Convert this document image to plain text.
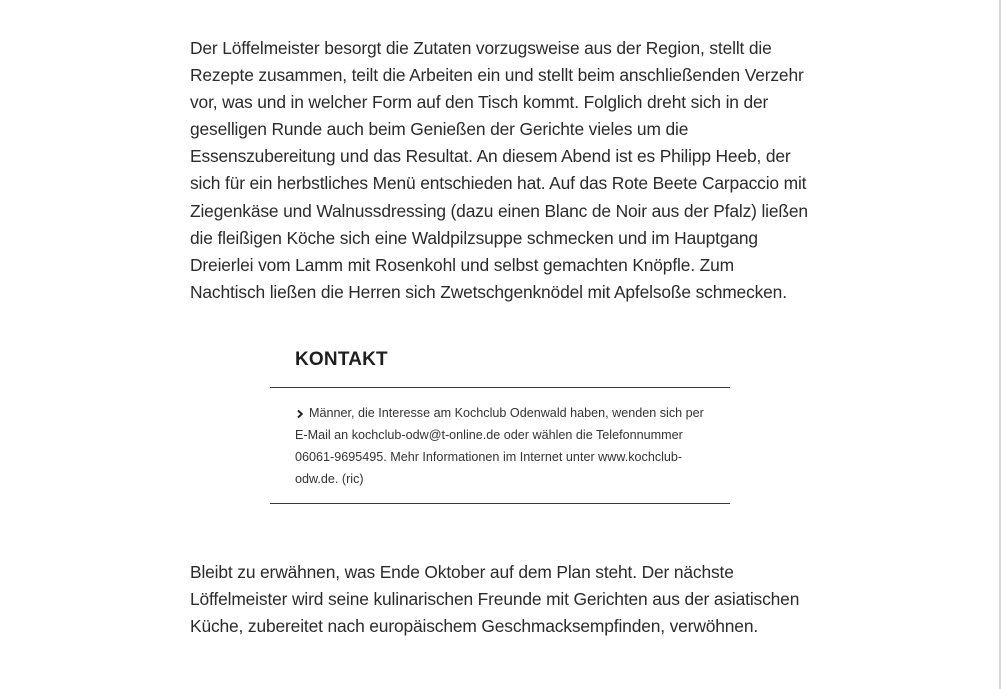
Der Löffelmeister besorgt die Zutaten vorzugsweise aus der Region, stellt die Rezepte zusammen, teilt die Arbeiten ein und stellt beim anschließenden Verzehr vor, was und in welcher Form auf den Tisch kommt. Folglich dreht sich in der geselligen Runde auch beim Genießen der Gerichte vieles um die Essenszubereitung und das Resultat. An diesem Abend ist es Philipp Heeb, der sich für ein herbstliches Menü entschieden hat. Auf das Rote Beete Carpaccio mit Ziegenkäse und Walnussdressing (dazu einen Blanc de Noir aus der Pfalz) ließen die fleißigen Köche sich eine Waldpilzsuppe schmecken und im Hauptgang Dreierlei vom Lamm mit Rosenkohl und selbst gemachten Knöpfle. Zum Nachtisch ließen die Herren sich Zwetschgenknödel mit Apfelsoße schmecken.

KONTAKT
Männer, die Interesse am Kochclub Odenwald haben, wenden sich per E-Mail an kochclub-odw@t-online.de oder wählen die Telefonnummer 06061-9695495. Mehr Informationen im Internet unter www.kochclub-odw.de. (ric)

Bleibt zu erwähnen, was Ende Oktober auf dem Plan steht. Der nächste Löffelmeister wird seine kulinarischen Freunde mit Gerichten aus der asiatischen Küche, zubereitet nach europäischem Geschmacksempfinden, verwöhnen.
